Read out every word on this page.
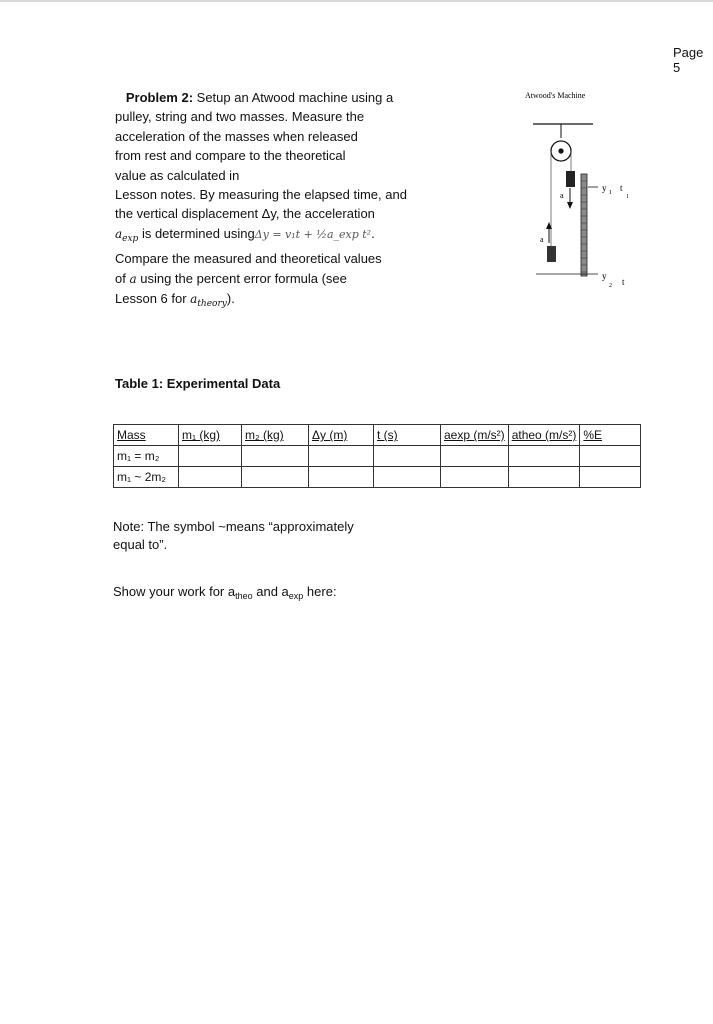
Page 5
Problem 2: Setup an Atwood machine using a
pulley, string and two masses. Measure the
acceleration of the masses when released
from rest and compare to the theoretical
value as calculated in
Lesson notes. By measuring the elapsed time, and
the vertical displacement Δy, the acceleration
$a_{exp}$ is determined usingΔy = v₁t + ½a_exp t².
Compare the measured and theoretical values
of a using the percent error formula (see
Lesson 6 for $a_{theory}$).
Atwood's Machine
a
a
y 1 t
1
y
2 t
Table 1: Experimental Data
Mass	m₁ (kg)	m₂ (kg)	Δy (m)	t (s)	aexp (m/s²)	atheo (m/s²)	%E
m₁ = m₂							
m₁ ~ 2m₂							
Note: The symbol ~means “approximately
equal to”.
Show your work for $a_{theo}$ and $a_{exp}$ here:
